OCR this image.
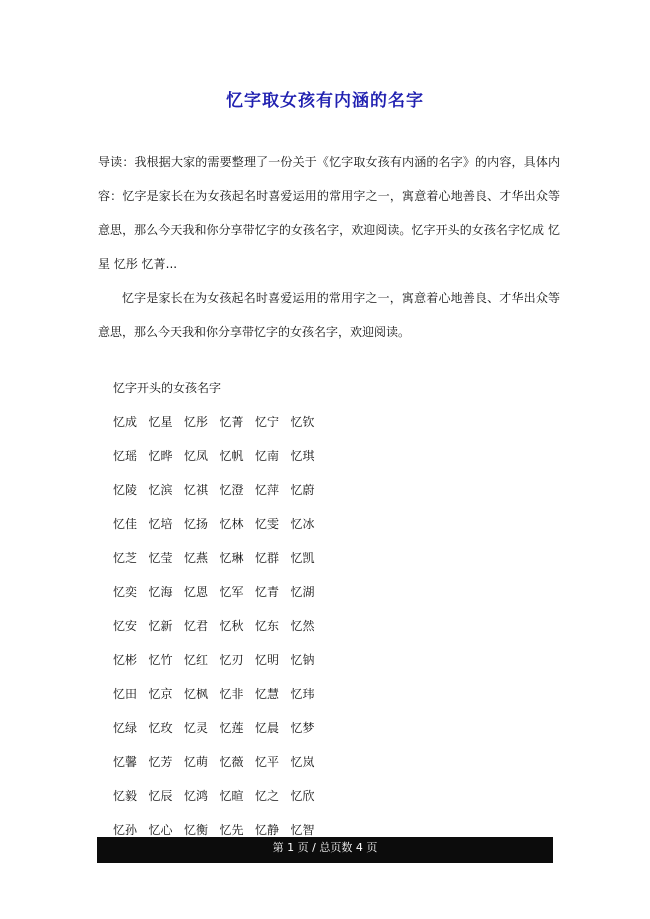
忆字取女孩有内涵的名字
导读：我根据大家的需要整理了一份关于《忆字取女孩有内涵的名字》的内容，具体内容：忆字是家长在为女孩起名时喜爱运用的常用字之一，寓意着心地善良、才华出众等意思，那么今天我和你分享带忆字的女孩名字，欢迎阅读。忆字开头的女孩名字忆成 忆星 忆彤 忆菁...
忆字是家长在为女孩起名时喜爱运用的常用字之一，寓意着心地善良、才华出众等意思，那么今天我和你分享带忆字的女孩名字，欢迎阅读。
忆字开头的女孩名字
忆成 忆星 忆彤 忆菁 忆宁 忆钦
忆瑶 忆晔 忆凤 忆帆 忆南 忆琪
忆陵 忆滨 忆祺 忆澄 忆萍 忆蔚
忆佳 忆培 忆扬 忆林 忆雯 忆冰
忆芝 忆莹 忆燕 忆琳 忆群 忆凯
忆奕 忆海 忆恩 忆军 忆青 忆湖
忆安 忆新 忆君 忆秋 忆东 忆然
忆彬 忆竹 忆红 忆刃 忆明 忆钠
忆田 忆京 忆枫 忆非 忆慧 忆玮
忆绿 忆玫 忆灵 忆莲 忆晨 忆梦
忆馨 忆芳 忆萌 忆薇 忆平 忆岚
忆毅 忆辰 忆鸿 忆暄 忆之 忆欣
忆孙 忆心 忆衡 忆先 忆静 忆智
第 1 页 / 总页数 4 页
